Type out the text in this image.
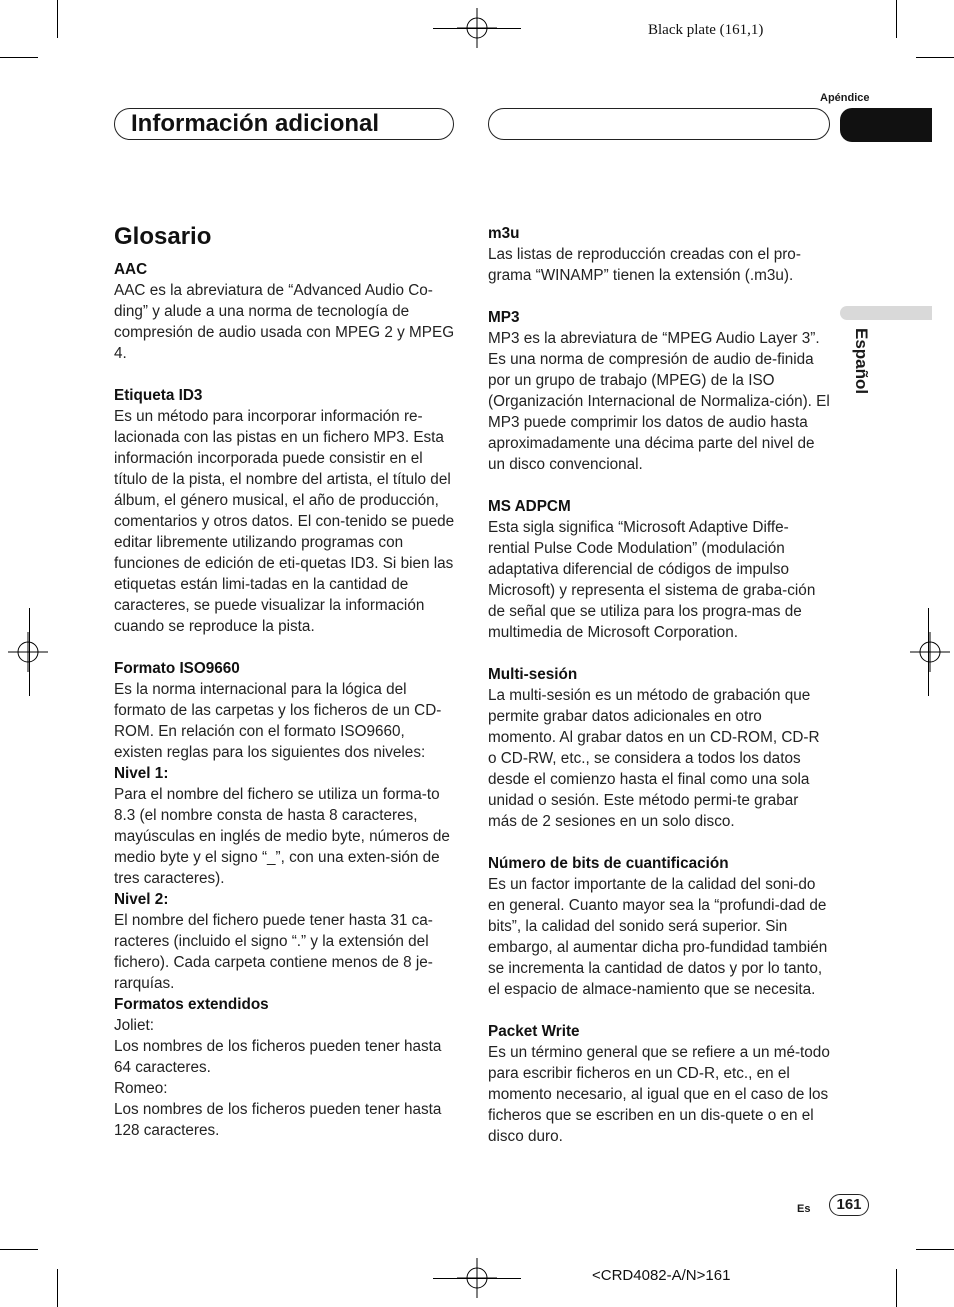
Black plate (161,1)
Apéndice
Información adicional
Español
Glosario
AAC

AAC es la abreviatura de “Advanced Audio Co-ding” y alude a una norma de tecnología de compresión de audio usada con MPEG 2 y MPEG 4.

Etiqueta ID3

Es un método para incorporar información re-lacionada con las pistas en un fichero MP3. Esta información incorporada puede consistir en el título de la pista, el nombre del artista, el título del álbum, el género musical, el año de producción, comentarios y otros datos. El con-tenido se puede editar libremente utilizando programas con funciones de edición de eti-quetas ID3. Si bien las etiquetas están limi-tadas en la cantidad de caracteres, se puede visualizar la información cuando se reproduce la pista.

Formato ISO9660

Es la norma internacional para la lógica del formato de las carpetas y los ficheros de un CD-ROM. En relación con el formato ISO9660, existen reglas para los siguientes dos niveles:

Nivel 1:

Para el nombre del fichero se utiliza un forma-to 8.3 (el nombre consta de hasta 8 caracteres, mayúsculas en inglés de medio byte, números de medio byte y el signo “_”, con una exten-sión de tres caracteres).

Nivel 2:

El nombre del fichero puede tener hasta 31 ca-racteres (incluido el signo “.” y la extensión del fichero). Cada carpeta contiene menos de 8 je-rarquías.

Formatos extendidos

Joliet:

Los nombres de los ficheros pueden tener hasta 64 caracteres.

Romeo:

Los nombres de los ficheros pueden tener hasta 128 caracteres.

m3u

Las listas de reproducción creadas con el pro-grama “WINAMP” tienen la extensión (.m3u).

MP3

MP3 es la abreviatura de “MPEG Audio Layer 3”. Es una norma de compresión de audio de-finida por un grupo de trabajo (MPEG) de la ISO (Organización Internacional de Normaliza-ción). El MP3 puede comprimir los datos de audio hasta aproximadamente una décima parte del nivel de un disco convencional.

MS ADPCM

Esta sigla significa “Microsoft Adaptive Diffe-rential Pulse Code Modulation” (modulación adaptativa diferencial de códigos de impulso Microsoft) y representa el sistema de graba-ción de señal que se utiliza para los progra-mas de multimedia de Microsoft Corporation.

Multi-sesión

La multi-sesión es un método de grabación que permite grabar datos adicionales en otro momento. Al grabar datos en un CD-ROM, CD-R o CD-RW, etc., se considera a todos los datos desde el comienzo hasta el final como una sola unidad o sesión. Este método permi-te grabar más de 2 sesiones en un solo disco.

Número de bits de cuantificación

Es un factor importante de la calidad del soni-do en general. Cuanto mayor sea la “profundi-dad de bits”, la calidad del sonido será superior. Sin embargo, al aumentar dicha pro-fundidad también se incrementa la cantidad de datos y por lo tanto, el espacio de almace-namiento que se necesita.

Packet Write

Es un término general que se refiere a un mé-todo para escribir ficheros en un CD-R, etc., en el momento necesario, al igual que en el caso de los ficheros que se escriben en un dis-quete o en el disco duro.

Es	161
<CRD4082-A/N>161
